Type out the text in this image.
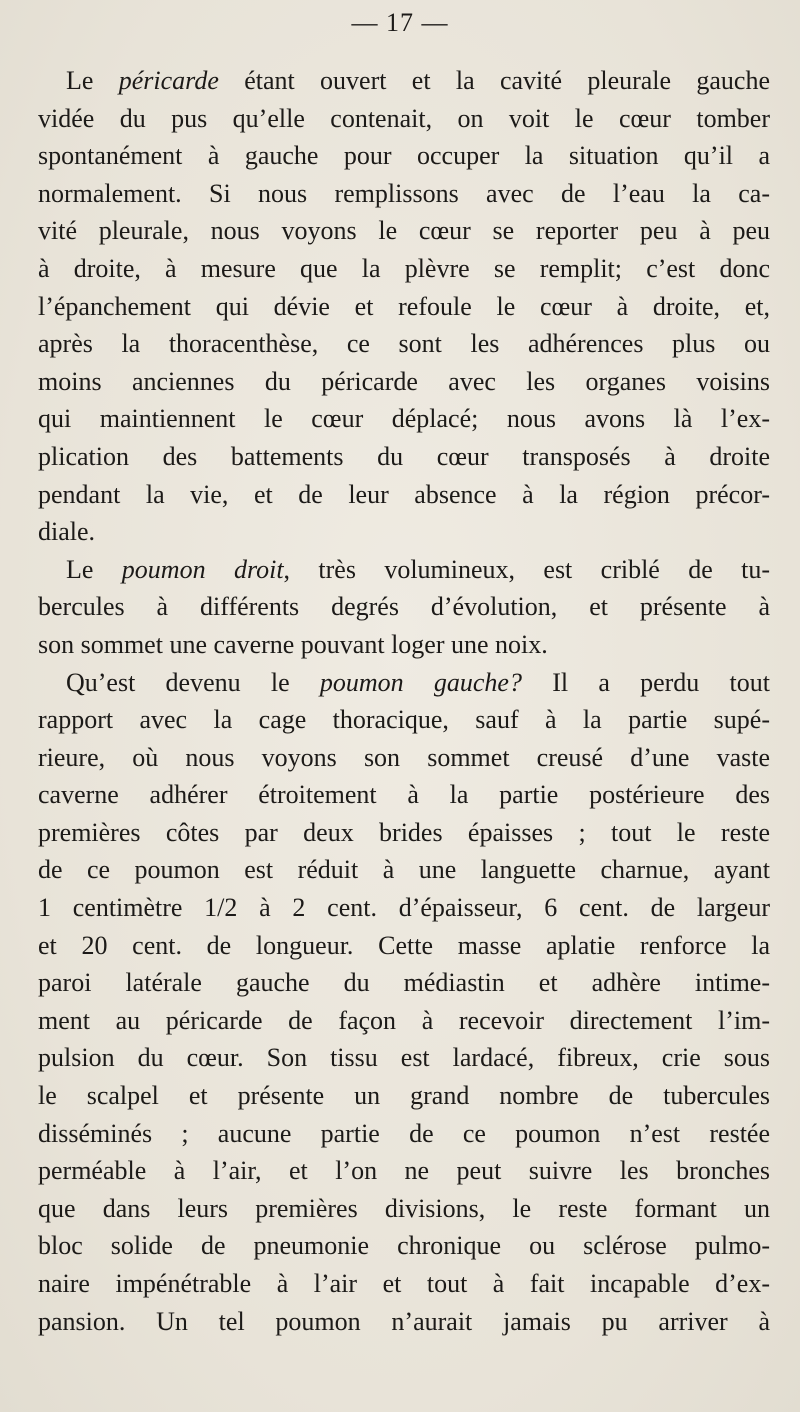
— 17 —
Le péricarde étant ouvert et la cavité pleurale gauche
vidée du pus qu’elle contenait, on voit le cœur tomber
spontanément à gauche pour occuper la situation qu’il a
normalement. Si nous remplissons avec de l’eau la ca-
vité pleurale, nous voyons le cœur se reporter peu à peu
à droite, à mesure que la plèvre se remplit; c’est donc
l’épanchement qui dévie et refoule le cœur à droite, et,
après la thoracenthèse, ce sont les adhérences plus ou
moins anciennes du péricarde avec les organes voisins
qui maintiennent le cœur déplacé; nous avons là l’ex-
plication des battements du cœur transposés à droite
pendant la vie, et de leur absence à la région précor-
diale.
Le poumon droit, très volumineux, est criblé de tu-
bercules à différents degrés d’évolution, et présente à
son sommet une caverne pouvant loger une noix.
Qu’est devenu le poumon gauche? Il a perdu tout
rapport avec la cage thoracique, sauf à la partie supé-
rieure, où nous voyons son sommet creusé d’une vaste
caverne adhérer étroitement à la partie postérieure des
premières côtes par deux brides épaisses ; tout le reste
de ce poumon est réduit à une languette charnue, ayant
1 centimètre 1/2 à 2 cent. d’épaisseur, 6 cent. de largeur
et 20 cent. de longueur. Cette masse aplatie renforce la
paroi latérale gauche du médiastin et adhère intime-
ment au péricarde de façon à recevoir directement l’im-
pulsion du cœur. Son tissu est lardacé, fibreux, crie sous
le scalpel et présente un grand nombre de tubercules
disséminés ; aucune partie de ce poumon n’est restée
perméable à l’air, et l’on ne peut suivre les bronches
que dans leurs premières divisions, le reste formant un
bloc solide de pneumonie chronique ou sclérose pulmo-
naire impénétrable à l’air et tout à fait incapable d’ex-
pansion. Un tel poumon n’aurait jamais pu arriver à
